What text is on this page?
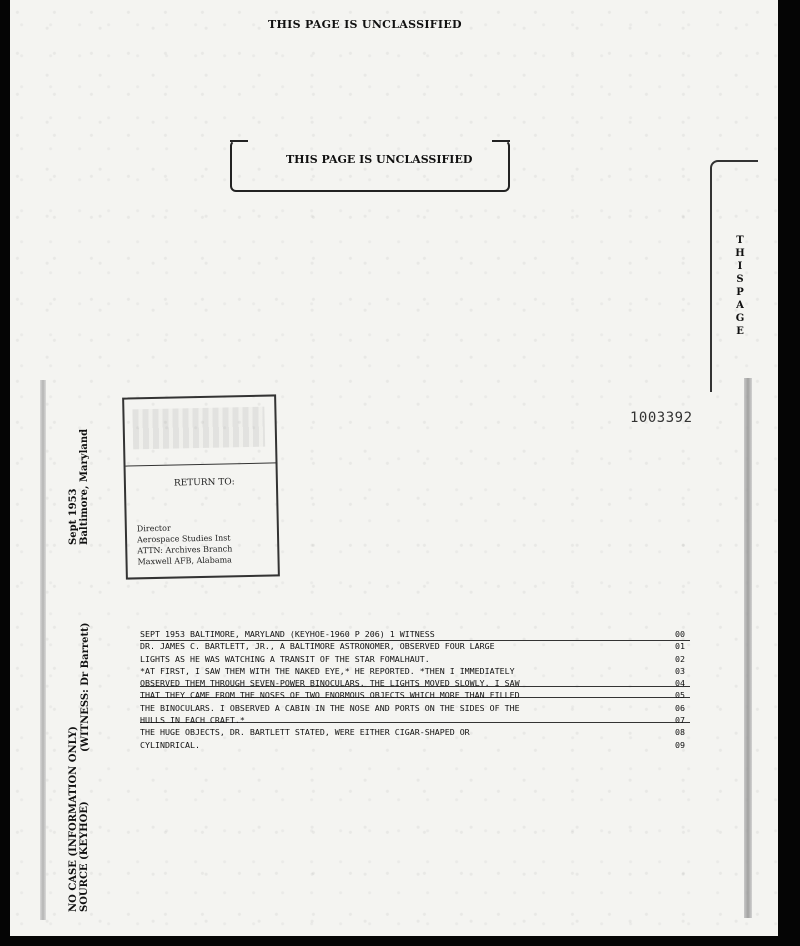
THIS PAGE IS UNCLASSIFIED
THIS PAGE IS UNCLASSIFIED
T
H
I
S
P
A
G
E
Sept 1953
Baltimore, Maryland
(WITNESS: Dr Barrett)
NO CASE (INFORMATION ONLY)
SOURCE (KEYHOE)
RETURN TO:
Director
Aerospace Studies Inst
ATTN: Archives Branch
Maxwell AFB, Alabama
1003392
SEPT 1953 BALTIMORE, MARYLAND (KEYHOE-1960 P 206) 1 WITNESS	00
DR. JAMES C. BARTLETT, JR., A BALTIMORE ASTRONOMER, OBSERVED FOUR LARGE	01
LIGHTS AS HE WAS WATCHING A TRANSIT OF THE STAR FOMALHAUT.	02
*AT FIRST, I SAW THEM WITH THE NAKED EYE,* HE REPORTED. *THEN I IMMEDIATELY	03
OBSERVED THEM THROUGH SEVEN-POWER BINOCULARS. THE LIGHTS MOVED SLOWLY. I SAW	04
THAT THEY CAME FROM THE NOSES OF TWO ENORMOUS OBJECTS WHICH MORE THAN FILLED	05
THE BINOCULARS. I OBSERVED A CABIN IN THE NOSE AND PORTS ON THE SIDES OF THE	06
HULLS IN EACH CRAFT.*	07
THE HUGE OBJECTS, DR. BARTLETT STATED, WERE EITHER CIGAR-SHAPED OR	08
CYLINDRICAL.	09
